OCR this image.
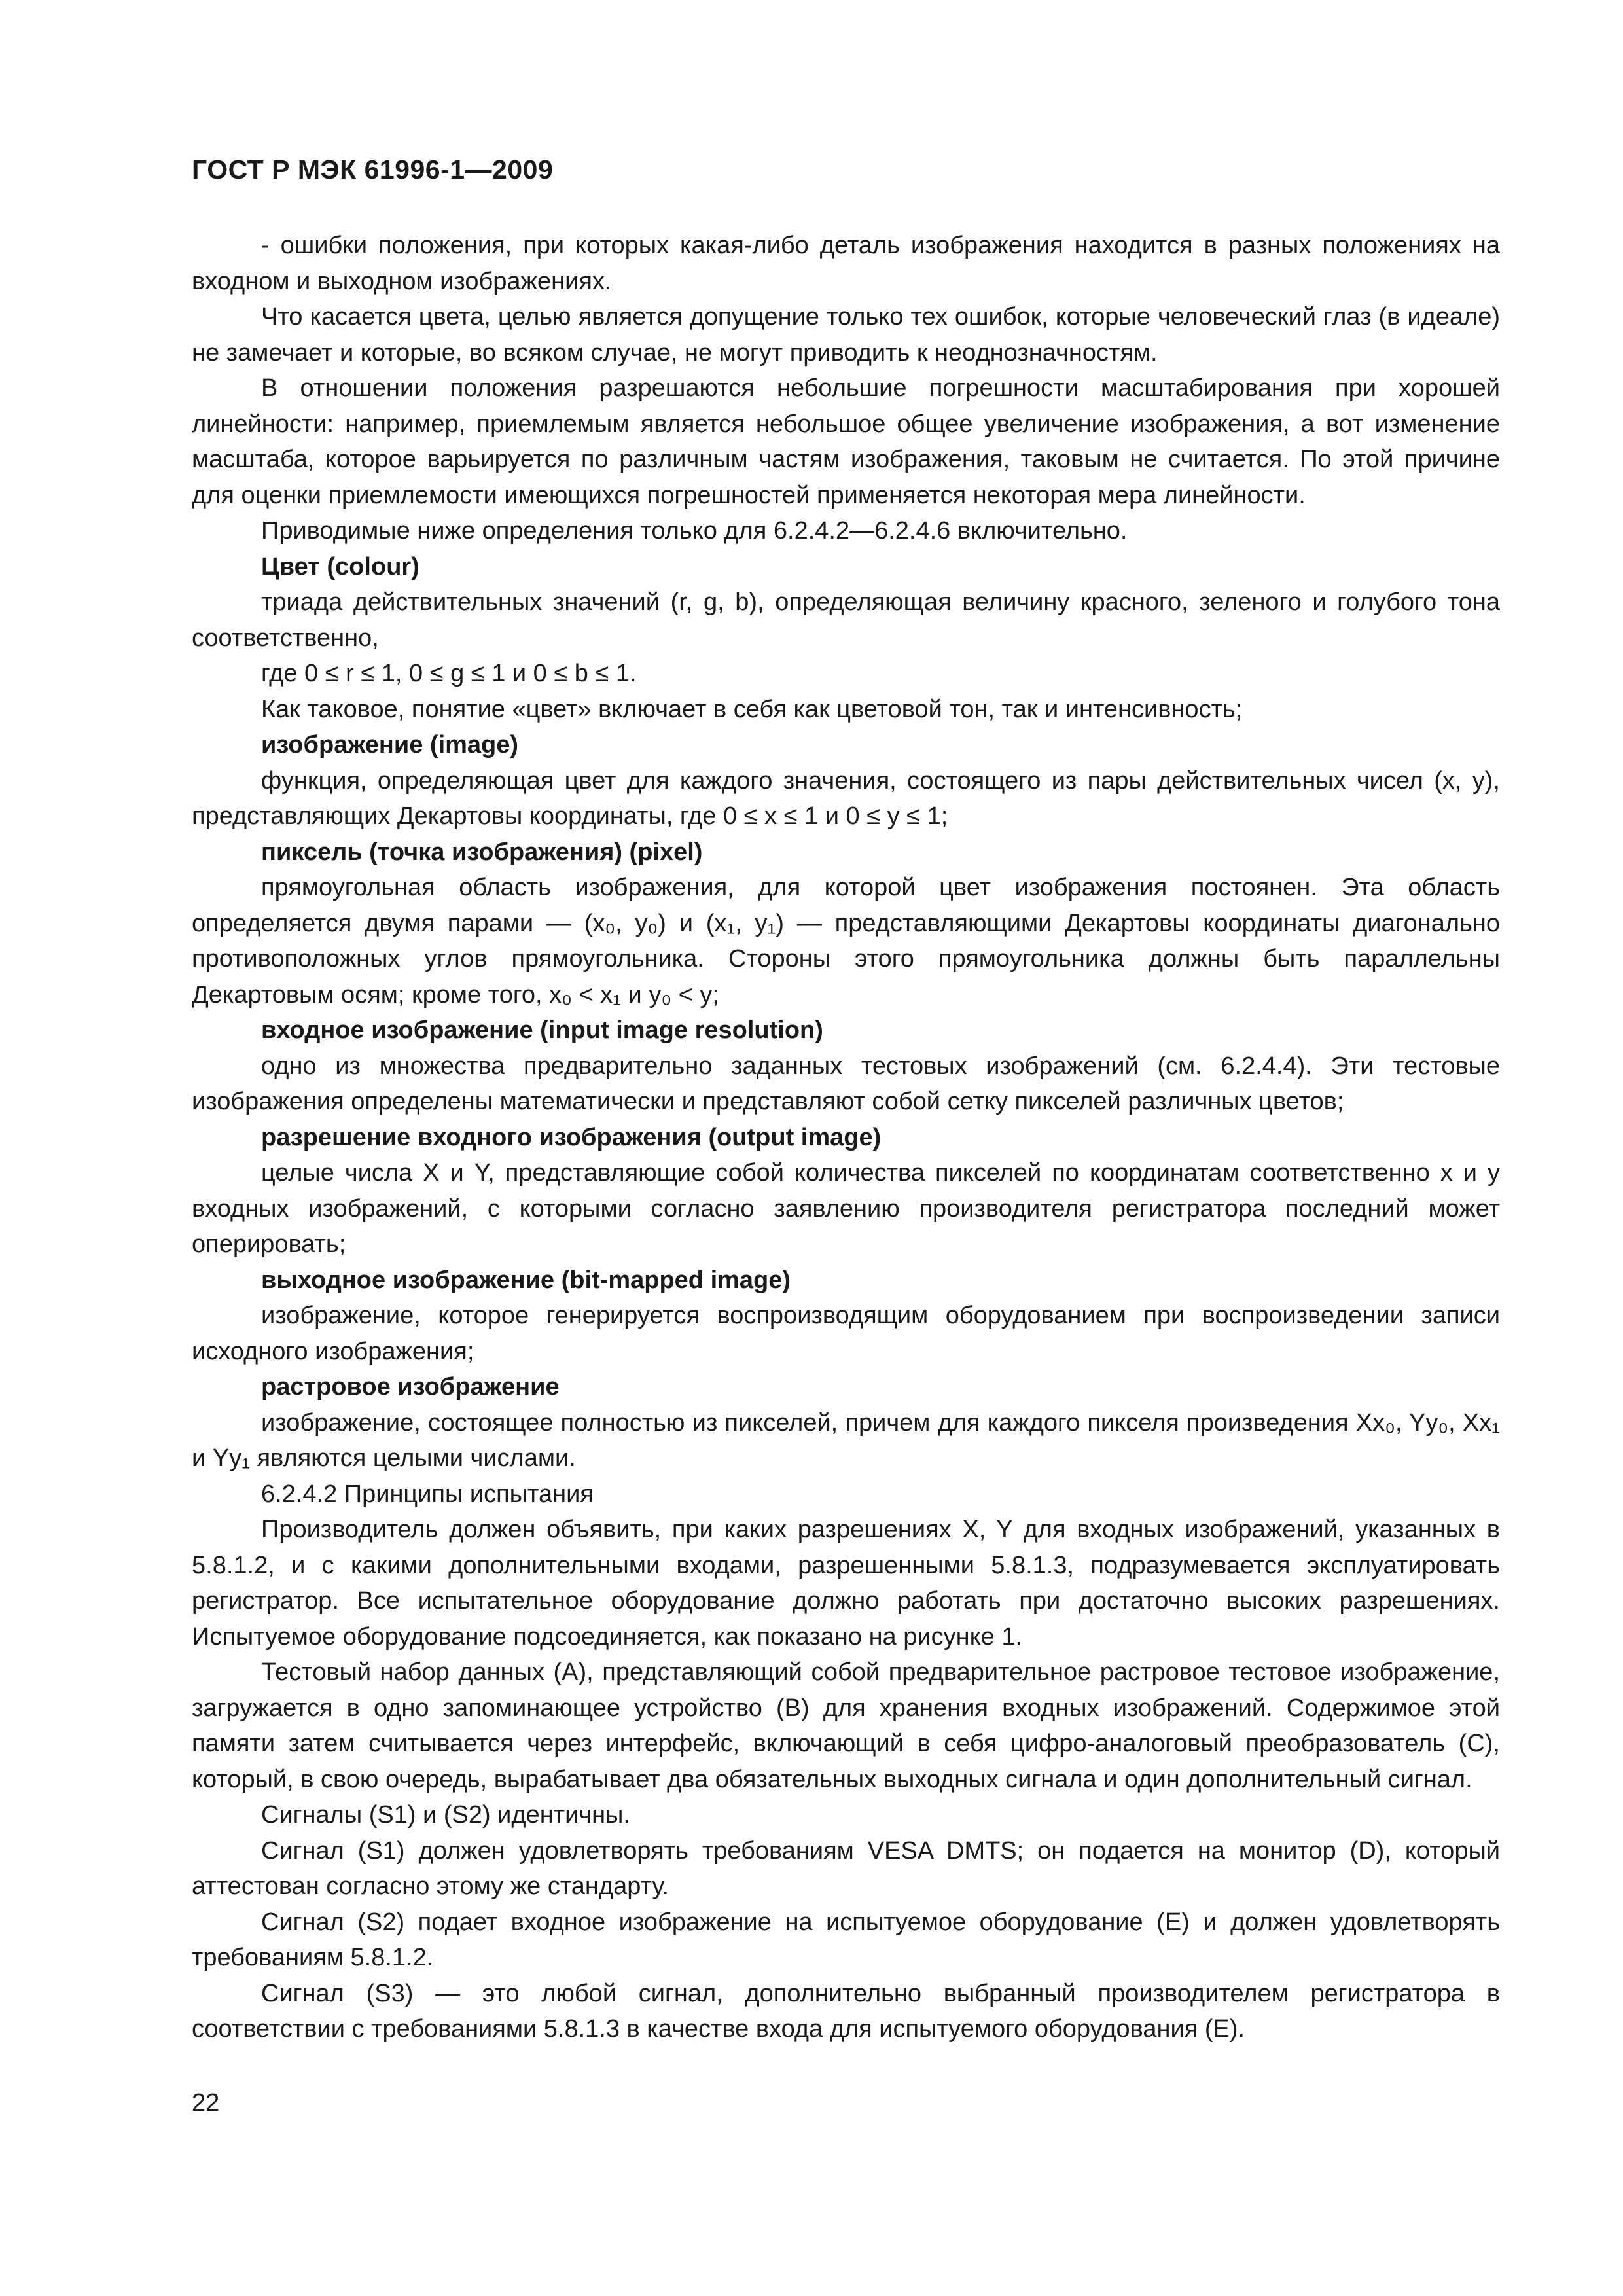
ГОСТ Р МЭК 61996-1—2009

- ошибки положения, при которых какая-либо деталь изображения находится в разных положениях на входном и выходном изображениях.

Что касается цвета, целью является допущение только тех ошибок, которые человеческий глаз (в идеале) не замечает и которые, во всяком случае, не могут приводить к неоднозначностям.

В отношении положения разрешаются небольшие погрешности масштабирования при хорошей линейности: например, приемлемым является небольшое общее увеличение изображения, а вот изменение масштаба, которое варьируется по различным частям изображения, таковым не считается. По этой причине для оценки приемлемости имеющихся погрешностей применяется некоторая мера линейности.

Приводимые ниже определения только для 6.2.4.2—6.2.4.6 включительно.

Цвет (colour)

триада действительных значений (r, g, b), определяющая величину красного, зеленого и голубого тона соответственно,

где 0 ≤ r ≤ 1, 0 ≤ g ≤ 1 и 0 ≤ b ≤ 1.

Как таковое, понятие «цвет» включает в себя как цветовой тон, так и интенсивность;

изображение (image)

функция, определяющая цвет для каждого значения, состоящего из пары действительных чисел (x, y), представляющих Декартовы координаты, где 0 ≤ x ≤ 1 и 0 ≤ y ≤ 1;

пиксель (точка изображения) (pixel)

прямоугольная область изображения, для которой цвет изображения постоянен. Эта область определяется двумя парами — (x₀, y₀) и (x₁, y₁) — представляющими Декартовы координаты диагонально противоположных углов прямоугольника. Стороны этого прямоугольника должны быть параллельны Декартовым осям; кроме того, x₀ < x₁ и y₀ < y;

входное изображение (input image resolution)

одно из множества предварительно заданных тестовых изображений (см. 6.2.4.4). Эти тестовые изображения определены математически и представляют собой сетку пикселей различных цветов;

разрешение входного изображения (output image)

целые числа X и Y, представляющие собой количества пикселей по координатам соответственно x и y входных изображений, с которыми согласно заявлению производителя регистратора последний может оперировать;

выходное изображение (bit-mapped image)

изображение, которое генерируется воспроизводящим оборудованием при воспроизведении записи исходного изображения;

растровое изображение

изображение, состоящее полностью из пикселей, причем для каждого пикселя произведения Xx₀, Yy₀, Xx₁ и Yy₁ являются целыми числами.

6.2.4.2 Принципы испытания

Производитель должен объявить, при каких разрешениях X, Y для входных изображений, указанных в 5.8.1.2, и с какими дополнительными входами, разрешенными 5.8.1.3, подразумевается эксплуатировать регистратор. Все испытательное оборудование должно работать при достаточно высоких разрешениях. Испытуемое оборудование подсоединяется, как показано на рисунке 1.

Тестовый набор данных (A), представляющий собой предварительное растровое тестовое изображение, загружается в одно запоминающее устройство (B) для хранения входных изображений. Содержимое этой памяти затем считывается через интерфейс, включающий в себя цифро-аналоговый преобразователь (C), который, в свою очередь, вырабатывает два обязательных выходных сигнала и один дополнительный сигнал.

Сигналы (S1) и (S2) идентичны.

Сигнал (S1) должен удовлетворять требованиям VESA DMTS; он подается на монитор (D), который аттестован согласно этому же стандарту.

Сигнал (S2) подает входное изображение на испытуемое оборудование (E) и должен удовлетворять требованиям 5.8.1.2.

Сигнал (S3) — это любой сигнал, дополнительно выбранный производителем регистратора в соответствии с требованиями 5.8.1.3 в качестве входа для испытуемого оборудования (E).

22
